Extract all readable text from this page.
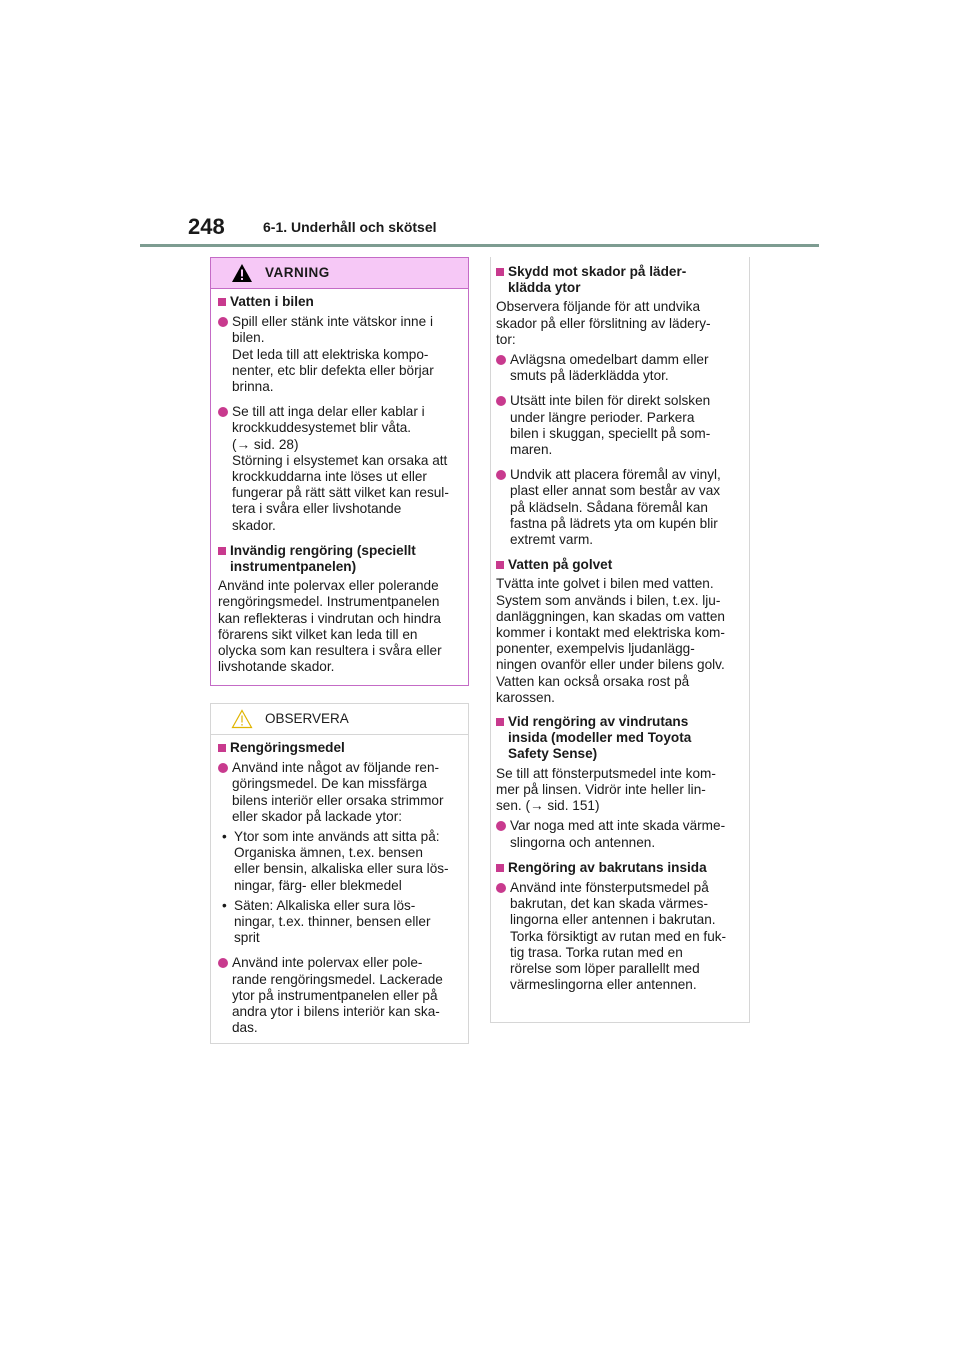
248	6-1. Underhåll och skötsel
VARNING
Vatten i bilen
Spill eller stänk inte vätskor inne i
bilen.
Det leda till att elektriska kompo-
nenter, etc blir defekta eller börjar
brinna.
Se till att inga delar eller kablar i
krockkuddesystemet blir våta.
(→ sid. 28)
Störning i elsystemet kan orsaka att
krockkuddarna inte löses ut eller
fungerar på rätt sätt vilket kan resul-
tera i svåra eller livshotande
skador.
Invändig rengöring (speciellt instrumentpanelen)
Använd inte polervax eller polerande
rengöringsmedel. Instrumentpanelen
kan reflekteras i vindrutan och hindra
förarens sikt vilket kan leda till en
olycka som kan resultera i svåra eller
livshotande skador.
OBSERVERA
Rengöringsmedel
Använd inte något av följande ren-
göringsmedel. De kan missfärga
bilens interiör eller orsaka strimmor
eller skador på lackade ytor:
• Ytor som inte används att sitta på:
Organiska ämnen, t.ex. bensen
eller bensin, alkaliska eller sura lös-
ningar, färg- eller blekmedel
• Säten: Alkaliska eller sura lös-
ningar, t.ex. thinner, bensen eller
sprit
Använd inte polervax eller pole-
rande rengöringsmedel. Lackerade
ytor på instrumentpanelen eller på
andra ytor i bilens interiör kan ska-
das.
Skydd mot skador på läder-
klädda ytor
Observera följande för att undvika
skador på eller förslitning av lädery-
tor:
Avlägsna omedelbart damm eller
smuts på läderklädda ytor.
Utsätt inte bilen för direkt solsken
under längre perioder. Parkera
bilen i skuggan, speciellt på som-
maren.
Undvik att placera föremål av vinyl,
plast eller annat som består av vax
på klädseln. Sådana föremål kan
fastna på lädrets yta om kupén blir
extremt varm.
Vatten på golvet
Tvätta inte golvet i bilen med vatten.
System som används i bilen, t.ex. lju-
danläggningen, kan skadas om vatten
kommer i kontakt med elektriska kom-
ponenter, exempelvis ljudanlägg-
ningen ovanför eller under bilens golv.
Vatten kan också orsaka rost på
karossen.
Vid rengöring av vindrutans
insida (modeller med Toyota
Safety Sense)
Se till att fönsterputsmedel inte kom-
mer på linsen. Vidrör inte heller lin-
sen. (→ sid. 151)
Var noga med att inte skada värme-
slingorna och antennen.
Rengöring av bakrutans insida
Använd inte fönsterputsmedel på
bakrutan, det kan skada värmes-
lingorna eller antennen i bakrutan.
Torka försiktigt av rutan med en fuk-
tig trasa. Torka rutan med en
rörelse som löper parallellt med
värmeslingorna eller antennen.
